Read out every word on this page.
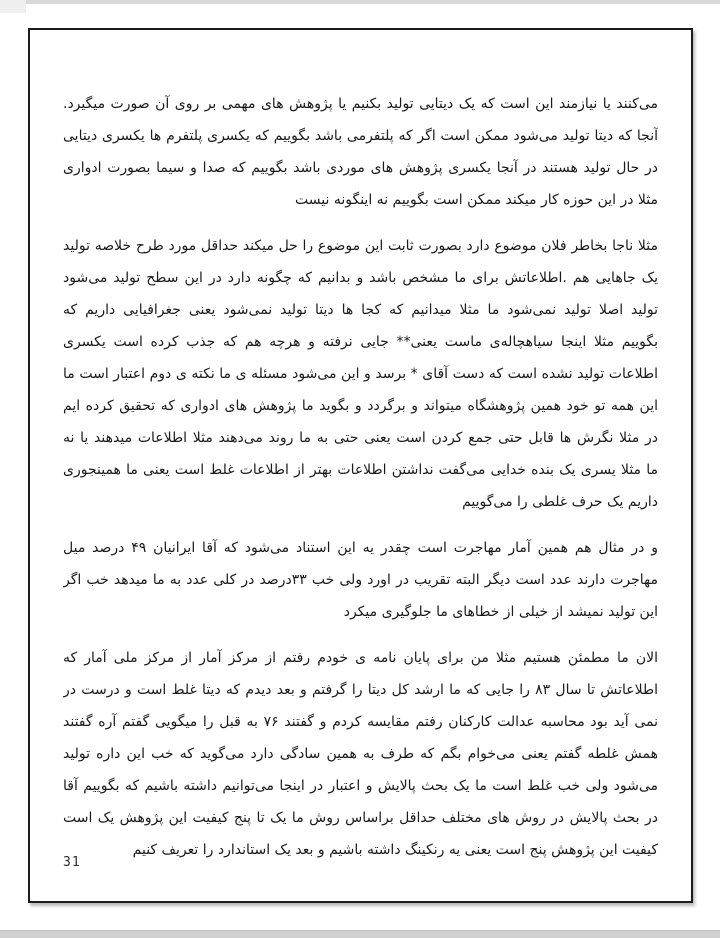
می‌کنند یا نیازمند این است که یک دیتایی تولید بکنیم یا پژوهش های مهمی بر روی آن صورت میگیرد.
آنجا که دیتا تولید می‌شود ممکن است اگر که پلتفرمی باشد بگوییم که یکسری پلتفرم ها یکسری دیتایی
در حال تولید هستند در آنجا یکسری پژوهش های موردی باشد بگوییم که صدا و سیما بصورت ادواری
مثلا در این حوزه کار میکند ممکن است بگوییم نه اینگونه نیست

مثلا ناجا بخاطر فلان موضوع دارد بصورت ثابت این موضوع را حل میکند حداقل مورد طرح خلاصه تولید
یک جاهایی هم .اطلاعاتش برای ما مشخص باشد و بدانیم که چگونه دارد در این سطح تولید می‌شود
تولید اصلا تولید نمی‌شود ما مثلا میدانیم که کجا ها دیتا تولید نمی‌شود یعنی جغرافیایی داریم که
بگوییم مثلا اینجا سیاهچاله‌ی ماست یعنی** جایی نرفته و هرچه هم که جذب کرده است یکسری
اطلاعات تولید نشده است که دست آقای * برسد و این می‌شود مسئله ی ما نکته ی دوم اعتبار است ما
این همه تو خود همین پژوهشگاه میتواند و برگردد و بگوید ما پژوهش های ادواری که تحقیق کرده ایم
در مثلا نگرش ها قابل حتی جمع کردن است یعنی حتی به ما روند می‌دهند مثلا اطلاعات میدهند یا نه
ما مثلا یسری یک بنده خدایی می‌گفت نداشتن اطلاعات بهتر از اطلاعات غلط است یعنی ما همینجوری
داریم یک حرف غلطی را می‌گوییم

و در مثال هم همین آمار مهاجرت است چقدر یه این استناد می‌شود که آقا ایرانیان ۴۹ درصد میل
مهاجرت دارند عدد است دیگر البته تقریب در اورد ولی خب ۳۳درصد در کلی عدد به ما میدهد خب اگر
این تولید نمیشد از خیلی از خطاهای ما جلوگیری میکرد

الان ما مطمئن هستیم مثلا من برای پایان نامه ی خودم رفتم از مرکز آمار از مرکز ملی آمار که
اطلاعاتش تا سال ۸۳ را جایی که ما ارشد کل دیتا را گرفتم و بعد دیدم که دیتا غلط است و درست در
نمی آید بود محاسبه عدالت کارکنان رفتم مقایسه کردم و گفتند ۷۶ به قبل را میگویی گفتم آره گفتند
همش غلطه گفتم یعنی می‌خوام بگم که طرف به همین سادگی دارد می‌گوید که خب این داره تولید
می‌شود ولی خب غلط است ما یک بحث پالایش و اعتبار در اینجا می‌توانیم داشته باشیم که بگوییم آقا
در بحث پالایش در روش های مختلف حداقل براساس روش ما یک تا پنج کیفیت این پژوهش یک است
کیفیت این پژوهش پنج است یعنی یه رنکینگ داشته باشیم و بعد یک استاندارد را تعریف کنیم

31
